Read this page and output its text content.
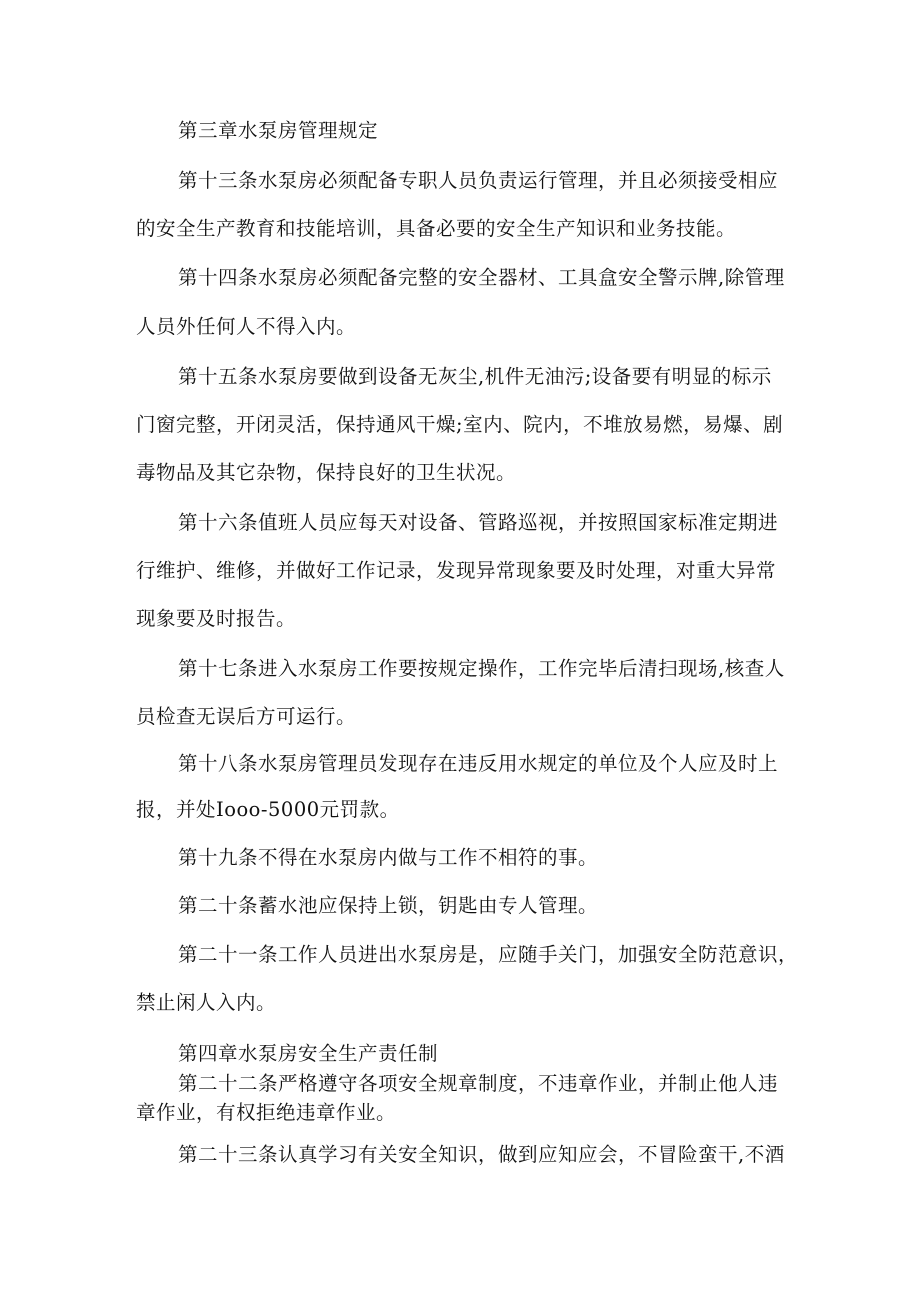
第三章水泵房管理规定
第十三条水泵房必须配备专职人员负责运行管理，并且必须接受相应
的安全生产教育和技能培训，具备必要的安全生产知识和业务技能。
第十四条水泵房必须配备完整的安全器材、工具盒安全警示牌,除管理
人员外任何人不得入内。
第十五条水泵房要做到设备无灰尘,机件无油污;设备要有明显的标示
门窗完整，开闭灵活，保持通风干燥;室内、院内，不堆放易燃，易爆、剧
毒物品及其它杂物，保持良好的卫生状况。
第十六条值班人员应每天对设备、管路巡视，并按照国家标准定期进
行维护、维修，并做好工作记录，发现异常现象要及时处理，对重大异常
现象要及时报告。
第十七条进入水泵房工作要按规定操作，工作完毕后清扫现场,核查人
员检查无误后方可运行。
第十八条水泵房管理员发现存在违反用水规定的单位及个人应及时上
报，并处Iooo-5000元罚款。
第十九条不得在水泵房内做与工作不相符的事。
第二十条蓄水池应保持上锁，钥匙由专人管理。
第二十一条工作人员进出水泵房是，应随手关门，加强安全防范意识，
禁止闲人入内。
第四章水泵房安全生产责任制
第二十二条严格遵守各项安全规章制度，不违章作业，并制止他人违
章作业，有权拒绝违章作业。
第二十三条认真学习有关安全知识，做到应知应会，不冒险蛮干,不酒
